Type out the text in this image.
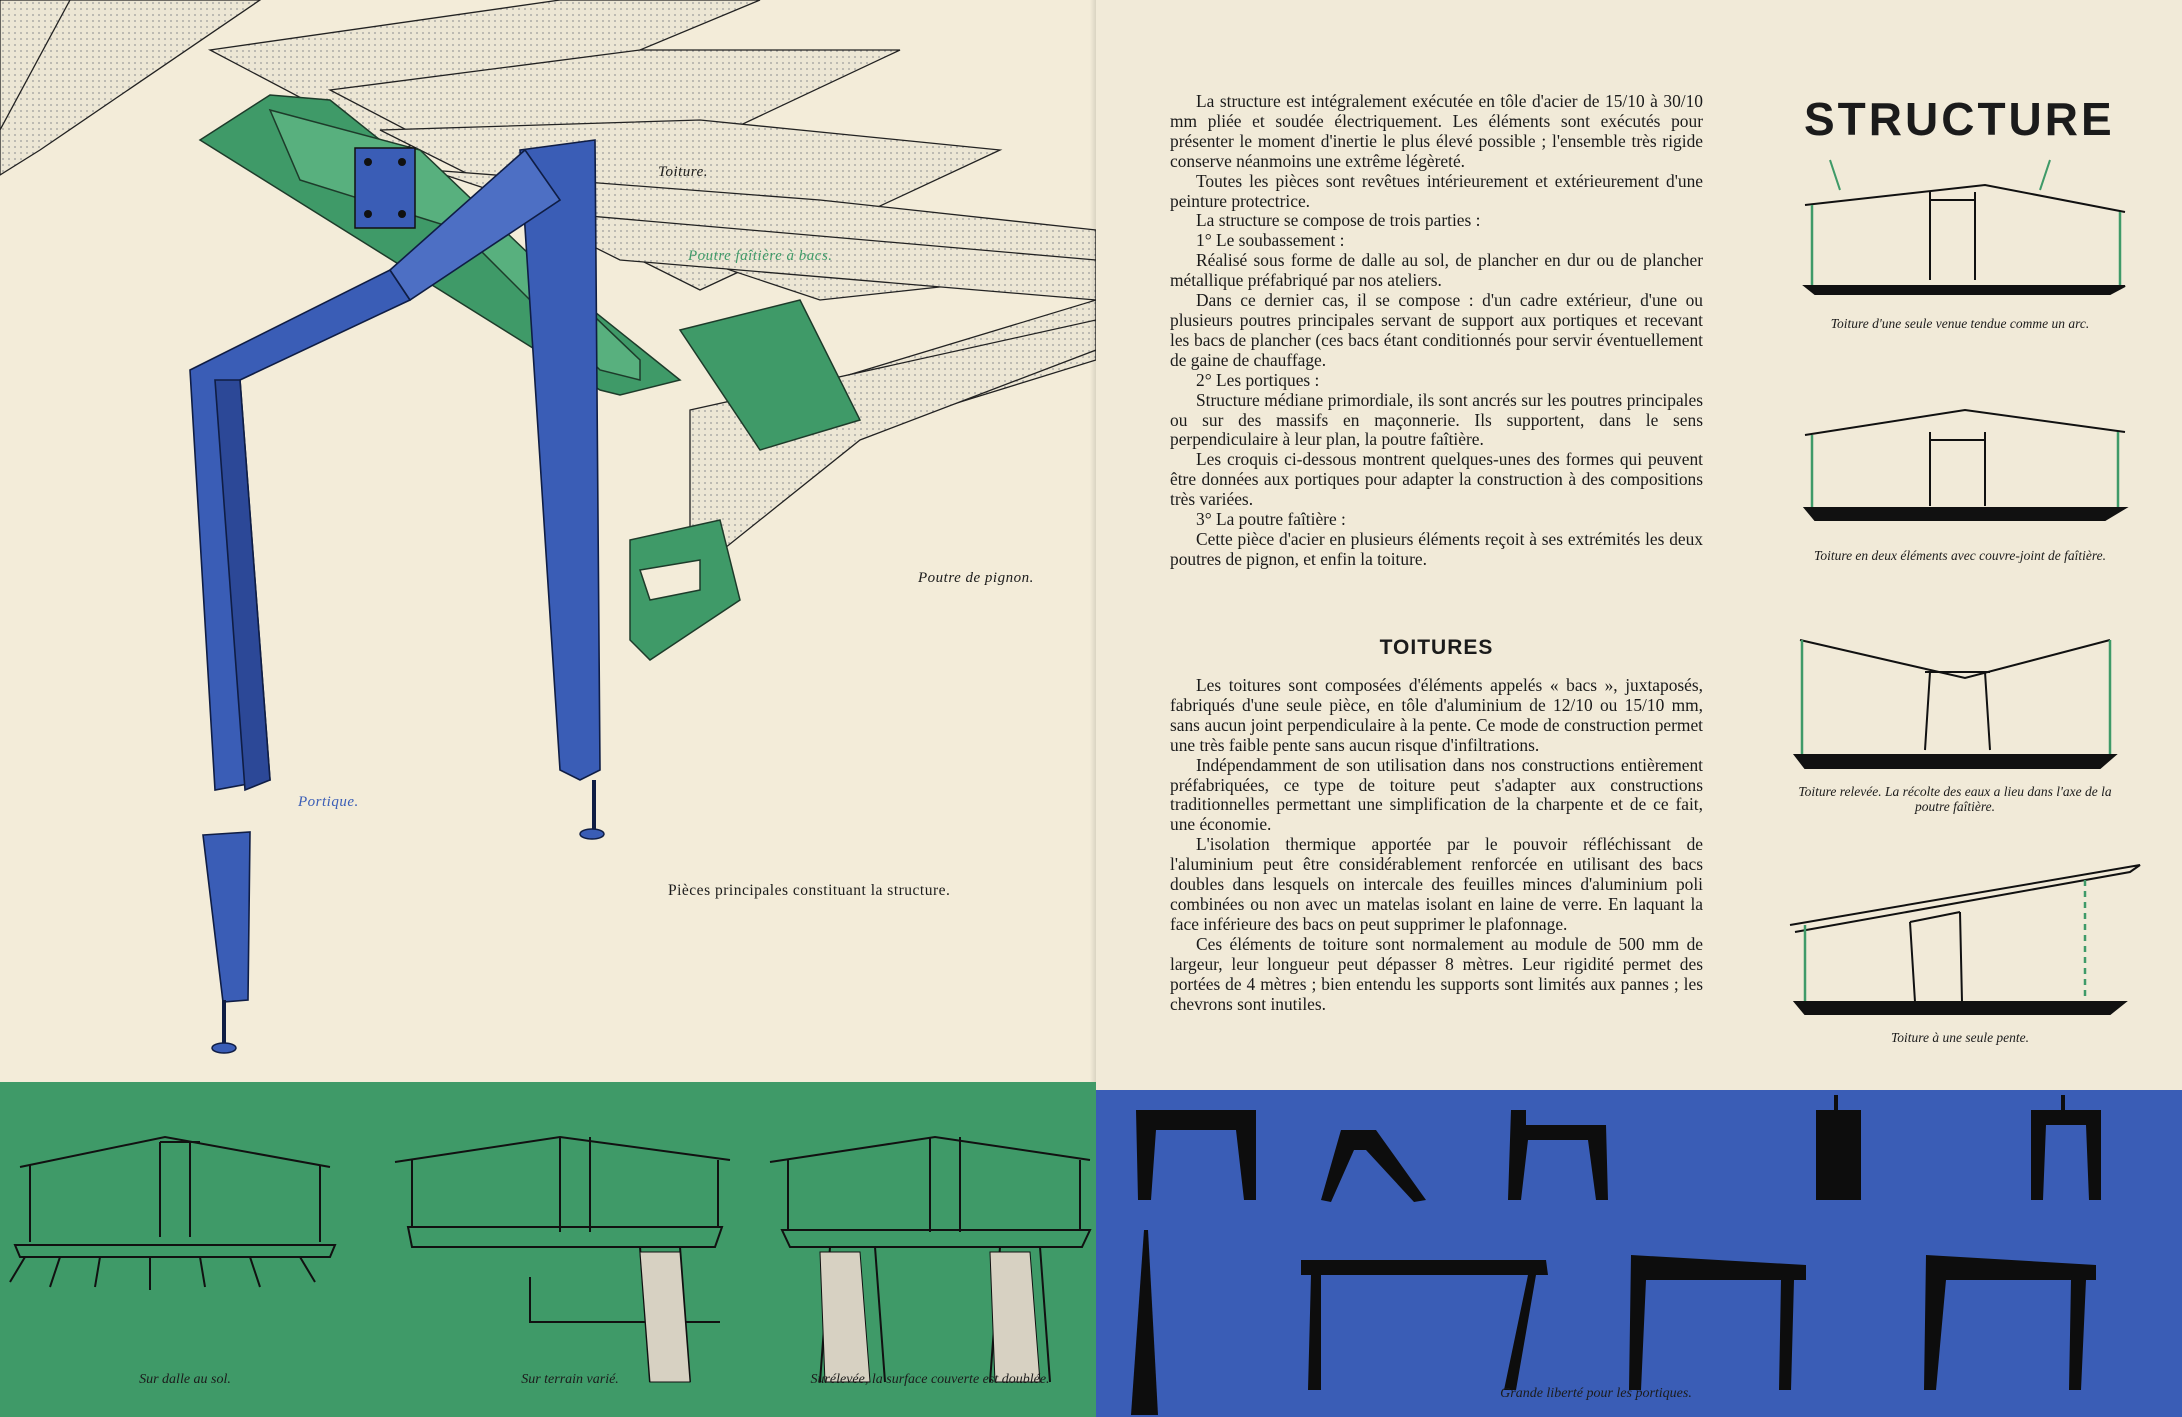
Toiture.
Poutre faîtière à bacs.
Poutre de pignon.
Portique.
Pièces principales constituant la structure.
Sur dalle au sol.	Sur terrain varié.	Surélevée, la surface couverte est doublée.

La structure est intégralement exécutée en tôle d'acier de 15/10 à 30/10 mm pliée et soudée électriquement. Les éléments sont exécutés pour présenter le moment d'inertie le plus élevé possible ; l'ensemble très rigide conserve néanmoins une extrême légèreté.

Toutes les pièces sont revêtues intérieurement et extérieurement d'une peinture protectrice.

La structure se compose de trois parties :

1° Le soubassement :

Réalisé sous forme de dalle au sol, de plancher en dur ou de plancher métallique préfabriqué par nos ateliers.

Dans ce dernier cas, il se compose : d'un cadre extérieur, d'une ou plusieurs poutres principales servant de support aux portiques et recevant les bacs de plancher (ces bacs étant conditionnés pour servir éventuellement de gaine de chauffage.

2° Les portiques :

Structure médiane primordiale, ils sont ancrés sur les poutres principales ou sur des massifs en maçonnerie. Ils supportent, dans le sens perpendiculaire à leur plan, la poutre faîtière.

Les croquis ci-dessous montrent quelques-unes des formes qui peuvent être données aux portiques pour adapter la construction à des compositions très variées.

3° La poutre faîtière :

Cette pièce d'acier en plusieurs éléments reçoit à ses extrémités les deux poutres de pignon, et enfin la toiture.

TOITURES

Les toitures sont composées d'éléments appelés « bacs », juxtaposés, fabriqués d'une seule pièce, en tôle d'aluminium de 12/10 ou 15/10 mm, sans aucun joint perpendiculaire à la pente. Ce mode de construction permet une très faible pente sans aucun risque d'infiltrations.

Indépendamment de son utilisation dans nos constructions entièrement préfabriquées, ce type de toiture peut s'adapter aux constructions traditionnelles permettant une simplification de la charpente et de ce fait, une économie.

L'isolation thermique apportée par le pouvoir réfléchissant de l'aluminium peut être considérablement renforcée en utilisant des bacs doubles dans lesquels on intercale des feuilles minces d'aluminium poli combinées ou non avec un matelas isolant en laine de verre. En laquant la face inférieure des bacs on peut supprimer le plafonnage.

Ces éléments de toiture sont normalement au module de 500 mm de largeur, leur longueur peut dépasser 8 mètres. Leur rigidité permet des portées de 4 mètres ; bien entendu les supports sont limités aux pannes ; les chevrons sont inutiles.

STRUCTURE
Toiture d'une seule venue tendue comme un arc.
Toiture en deux éléments avec couvre-joint de faîtière.
Toiture relevée. La récolte des eaux a lieu dans l'axe de la poutre faîtière.
Toiture à une seule pente.
Grande liberté pour les portiques.
